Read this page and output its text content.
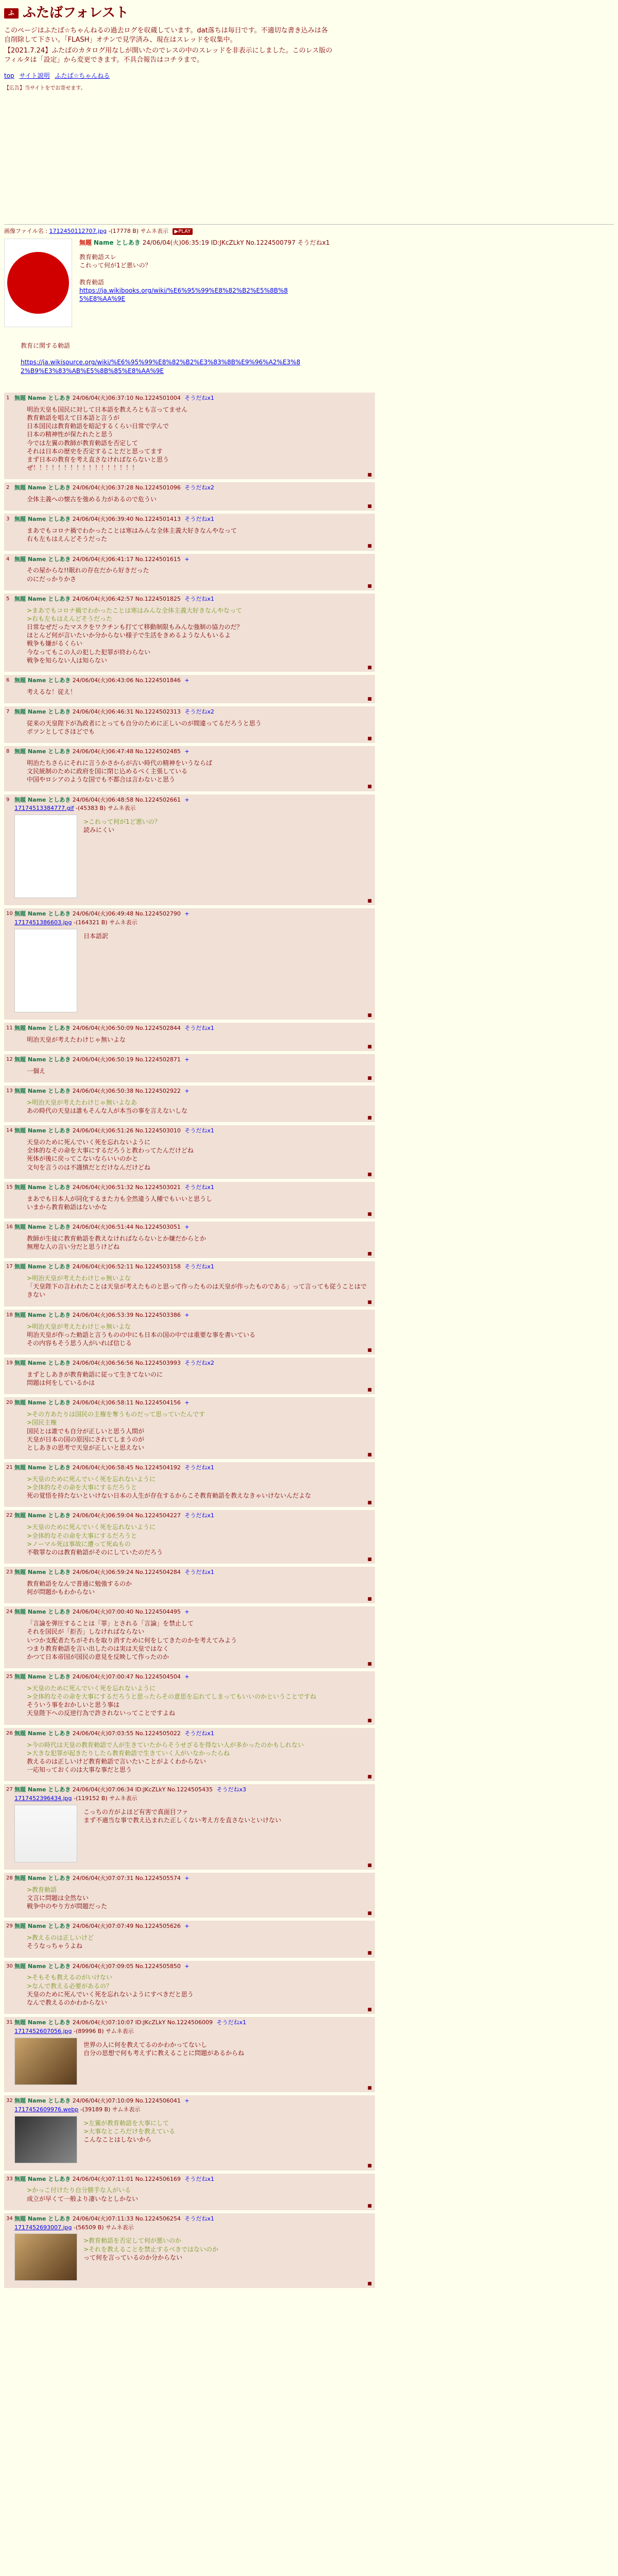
ふ ふたばフォレスト

このページはふたば☆ちゃんねるの過去ログを収蔵しています。dat落ちは毎日です。不適切な書き込みは各自削除して下さい。「FLASH」オチンで見学済み、現在はスレッドを収集中。

【2021.7.24】ふたばのカタログ用なしが開いたのでレスの中のスレッドを非表示にしました。このレス版のフィルタは「設定」から変更できます。不具合報告はコチラまで。

top サイト説明 ふたば☆ちゃんねる
【広告】当サイトをでお寄せます。
画像ファイル名 : 1712450112707.jpg -(17778 B) サムネ表示 ▶PLAY
無題 Name としあき 24/06/04(火)06:35:19 ID:JKcZLkY No.1224500797 そうだねx1
教育勅語スレ
これって何が1ど悪いの？

教育勅語
https://ja.wikibooks.org/wiki/%E6%95%99%E8%82%B2%E5%8B%85%E8%AA%9E

教育に関する勅語

https://ja.wikisource.org/wiki/%E6%95%99%E8%82%B2%E3%83%8B%E9%96%A2%E3%82%B9%E3%83%AB%E5%8B%85%E8%AA%9E

1 無題 Name としあき 24/06/04(火)06:37:10 No.1224501004 そうだねx1
明治天皇も国民に対して日本語を教えろとも言ってません
教育勅語を唱えて日本語と言うが
日本国民は教育勅語を暗記するくらい日常で学んで
日本の精神性が保たれたと思う
今では左翼の教師が教育勅語を否定して
それは日本の歴史を否定することだと思ってます
まず日本の教育を考え直さなければならないと思う
ぜ！！！！！！！！！！！！！！！！！
■
2 無題 Name としあき 24/06/04(火)06:37:28 No.1224501096 そうだねx2
全体主義への懐古を強める力があるので危うい
■
3 無題 Name としあき 24/06/04(火)06:39:40 No.1224501413 そうだねx1
まあでもコロナ禍でわかったことは寒はみんな全体主義大好きなんやなって
右も左もはえんどそうだった
■
4 無題 Name としあき 24/06/04(火)06:41:17 No.1224501615 +
その屋からな!!眠れの存在だから好きだった
のにだっかりかさ
■
5 無題 Name としあき 24/06/04(火)06:42:57 No.1224501825 そうだねx1
>まあでもコロナ禍でわかったことは寒はみんな全体主義大好きなんやなって
>右も左もはえんどそうだった
日常なぜだったマスクをワクチンも打てて移動制限もみんな強制の協力のだ？
ほとんど何が言いたいか分からない様子で生活をきめるような人もいるよ
戦争も嫌がるくらい
今なってもこの人の犯した犯罪が終わらない
戦争を知らない人は知らない
■
6 無題 Name としあき 24/06/04(火)06:43:06 No.1224501846 +
考えるな！従え！
■
7 無題 Name としあき 24/06/04(火)06:46:31 No.1224502313 そうだねx2
従来の天皇陛下が為政者にとっても自分のために正しいのが間違ってるだろうと思う
ポツンとしてさほどでも
■
8 無題 Name としあき 24/06/04(火)06:47:48 No.1224502485 +
明治たちさらにそれに言うかさからが古い時代の精神をいうならば
文民統制のために政府を国に閉じ込めるべく主張している
中国やロシアのような国でも不都合は言わないと思う
■
9 無題 Name としあき 24/06/04(火)06:48:58 No.1224502661 +
17174513384777.gif -(45383 B) サムネ表示
>これって何が1ど悪いの？
読みにくい
■
10 無題 Name としあき 24/06/04(火)06:49:48 No.1224502790 +
1717451386603.jpg -(164321 B) サムネ表示
日本語訳
■
11 無題 Name としあき 24/06/04(火)06:50:09 No.1224502844 そうだねx1
明治天皇が考えたわけじゃ無いよな
■
12 無題 Name としあき 24/06/04(火)06:50:19 No.1224502871 +
一個え
■
13 無題 Name としあき 24/06/04(火)06:50:38 No.1224502922 +
>明治天皇が考えたわけじゃ無いよなあ
あの時代の天皇は誰もそんな人が本当の事を言えないしな
■
14 無題 Name としあき 24/06/04(火)06:51:26 No.1224503010 そうだねx1
天皇のために死んでいく死を忘れないように
全体的なその命を大事にするだろうと教わってたんだけどね
死体が後に戻ってこないならいいのかと
文句を言うのは不謹慎だとだけなんだけどね
■
15 無題 Name としあき 24/06/04(火)06:51:32 No.1224503021 そうだねx1
まあでも日本人が同化するまた力も全然違う人種でもいいと思うし
いまから教育勅語はないかな
■
16 無題 Name としあき 24/06/04(火)06:51:44 No.1224503051 +
教師が生徒に教育勅語を教えなければならないとか嫌だからとか
無理な人の言い分だと思うけどね
■
17 無題 Name としあき 24/06/04(火)06:52:11 No.1224503158 そうだねx1
>明治天皇が考えたわけじゃ無いよな
「天皇陛下の言われたことは天皇が考えたものと思って作ったものは天皇が作ったものである」って言っても従うことはできない
■
18 無題 Name としあき 24/06/04(火)06:53:39 No.1224503386 +
>明治天皇が考えたわけじゃ無いよな
明治天皇が作った勅語と言うものの中にも日本の国の中では重要な事を書いている
その内容もそう思う人がいれば信じる
■
19 無題 Name としあき 24/06/04(火)06:56:56 No.1224503993 そうだねx2
まずとしあきが教育勅語に従って生きてないのに
問題は何をしているかは
■
20 無題 Name としあき 24/06/04(火)06:58:11 No.1224504156 +
>その方あたりは国民の主権を奪うものだって思っていたんです
>国民主権
国民とは誰でも自分が正しいと思う人間が
天皇が日本の国の原因にされてしまうのが
としあきの思考で天皇が正しいと思えない
■
21 無題 Name としあき 24/06/04(火)06:58:45 No.1224504192 そうだねx1
>天皇のために死んでいく死を忘れないように
>全体的なその命を大事にするだろうと
死の覚悟を持たないといけない日本の人生が存在するからこそ教育勅語を教えなきゃいけないんだよな
■
22 無題 Name としあき 24/06/04(火)06:59:04 No.1224504227 そうだねx1
>天皇のために死んでいく死を忘れないように
>全体的なその命を大事にするだろうと
>ノーマル死は事故に遭って死ぬもの
不敬罪なのは教育勅語がそのにしていたのだろう
■
23 無題 Name としあき 24/06/04(火)06:59:24 No.1224504284 そうだねx1
教育勅語をなんで普通に勉強するのか
何が問題かもわからない
■
24 無題 Name としあき 24/06/04(火)07:00:40 No.1224504495 +
「言論を弾圧することは「罪」とされる「言論」を禁止して
それを国民が「拒否」しなければならない
いつか支配者たちがそれを取り消すために何をしてきたのかを考えてみよう
つまり教育勅語を言い出したのは実は天皇ではなく
かつて日本帝国が国民の意見を反映して作ったのか
■
25 無題 Name としあき 24/06/04(火)07:00:47 No.1224504504 +
>天皇のために死んでいく死を忘れないように
>全体的なその命を大事にするだろうと思ったらその意思を忘れてしまってもいいのかということですね
そういう事をおかしいと思う事は
天皇陛下への反逆行為で許されないってことですよね
■
26 無題 Name としあき 24/06/04(火)07:03:55 No.1224505022 そうだねx1
>今の時代は天皇の教育勅語で人が生きていたからそうせざるを得ない人が多かったのかもしれない
>大きな犯罪が起きたりしたら教育勅語で生きていく人がいなかったらね
教えるのは正しいけど教育勅語で言いたいことがよくわからない
一応知っておくのは大事な事だと思う
■
27 無題 Name としあき 24/06/04(火)07:06:34 ID:JKcZLkY No.1224505435 そうだねx3
1717452396434.jpg -(119152 B) サムネ表示
こっちの方がよほど有害で真面目ファ
まず不適当な事で教え込まれた正しくない考え方を直さないといけない
■
28 無題 Name としあき 24/06/04(火)07:07:31 No.1224505574 +
>教育勅語
文言に問題は全然ない
戦争中のやり方が問題だった
■
29 無題 Name としあき 24/06/04(火)07:07:49 No.1224505626 +
>教えるのは正しいけど
そうなっちゃうよね
■
30 無題 Name としあき 24/06/04(火)07:09:05 No.1224505850 +
>そもそも教えるのがいけない
>なんで教える必要があるの？
天皇のために死んでいく死を忘れないようにすべきだと思う
なんで教えるのかわからない
■
31 無題 Name としあき 24/06/04(火)07:10:07 ID:JKcZLkY No.1224506009 そうだねx1
1717452607056.jpg -(89996 B) サムネ表示
世界の人に何を教えてるのかわかってないし
自分の思想で何も考えずに教えることに問題があるからね
■
32 無題 Name としあき 24/06/04(火)07:10:09 No.1224506041 +
1717452609976.webp -(39189 B) サムネ表示
>左翼が教育勅語を大事にして
>大事なところだけを教えている
こんなことはしないから
■
33 無題 Name としあき 24/06/04(火)07:11:01 No.1224506169 そうだねx1
>かっこ付けたり自分勝手な人がいる
成立が早くて一般より凄いなとしかない
■
34 無題 Name としあき 24/06/04(火)07:11:33 No.1224506254 そうだねx1
1717452693007.jpg -(56509 B) サムネ表示
>教育勅語を否定して何が悪いのか
>それを教えることを禁止するべきではないのか
って何を言っているのか分からない
■
